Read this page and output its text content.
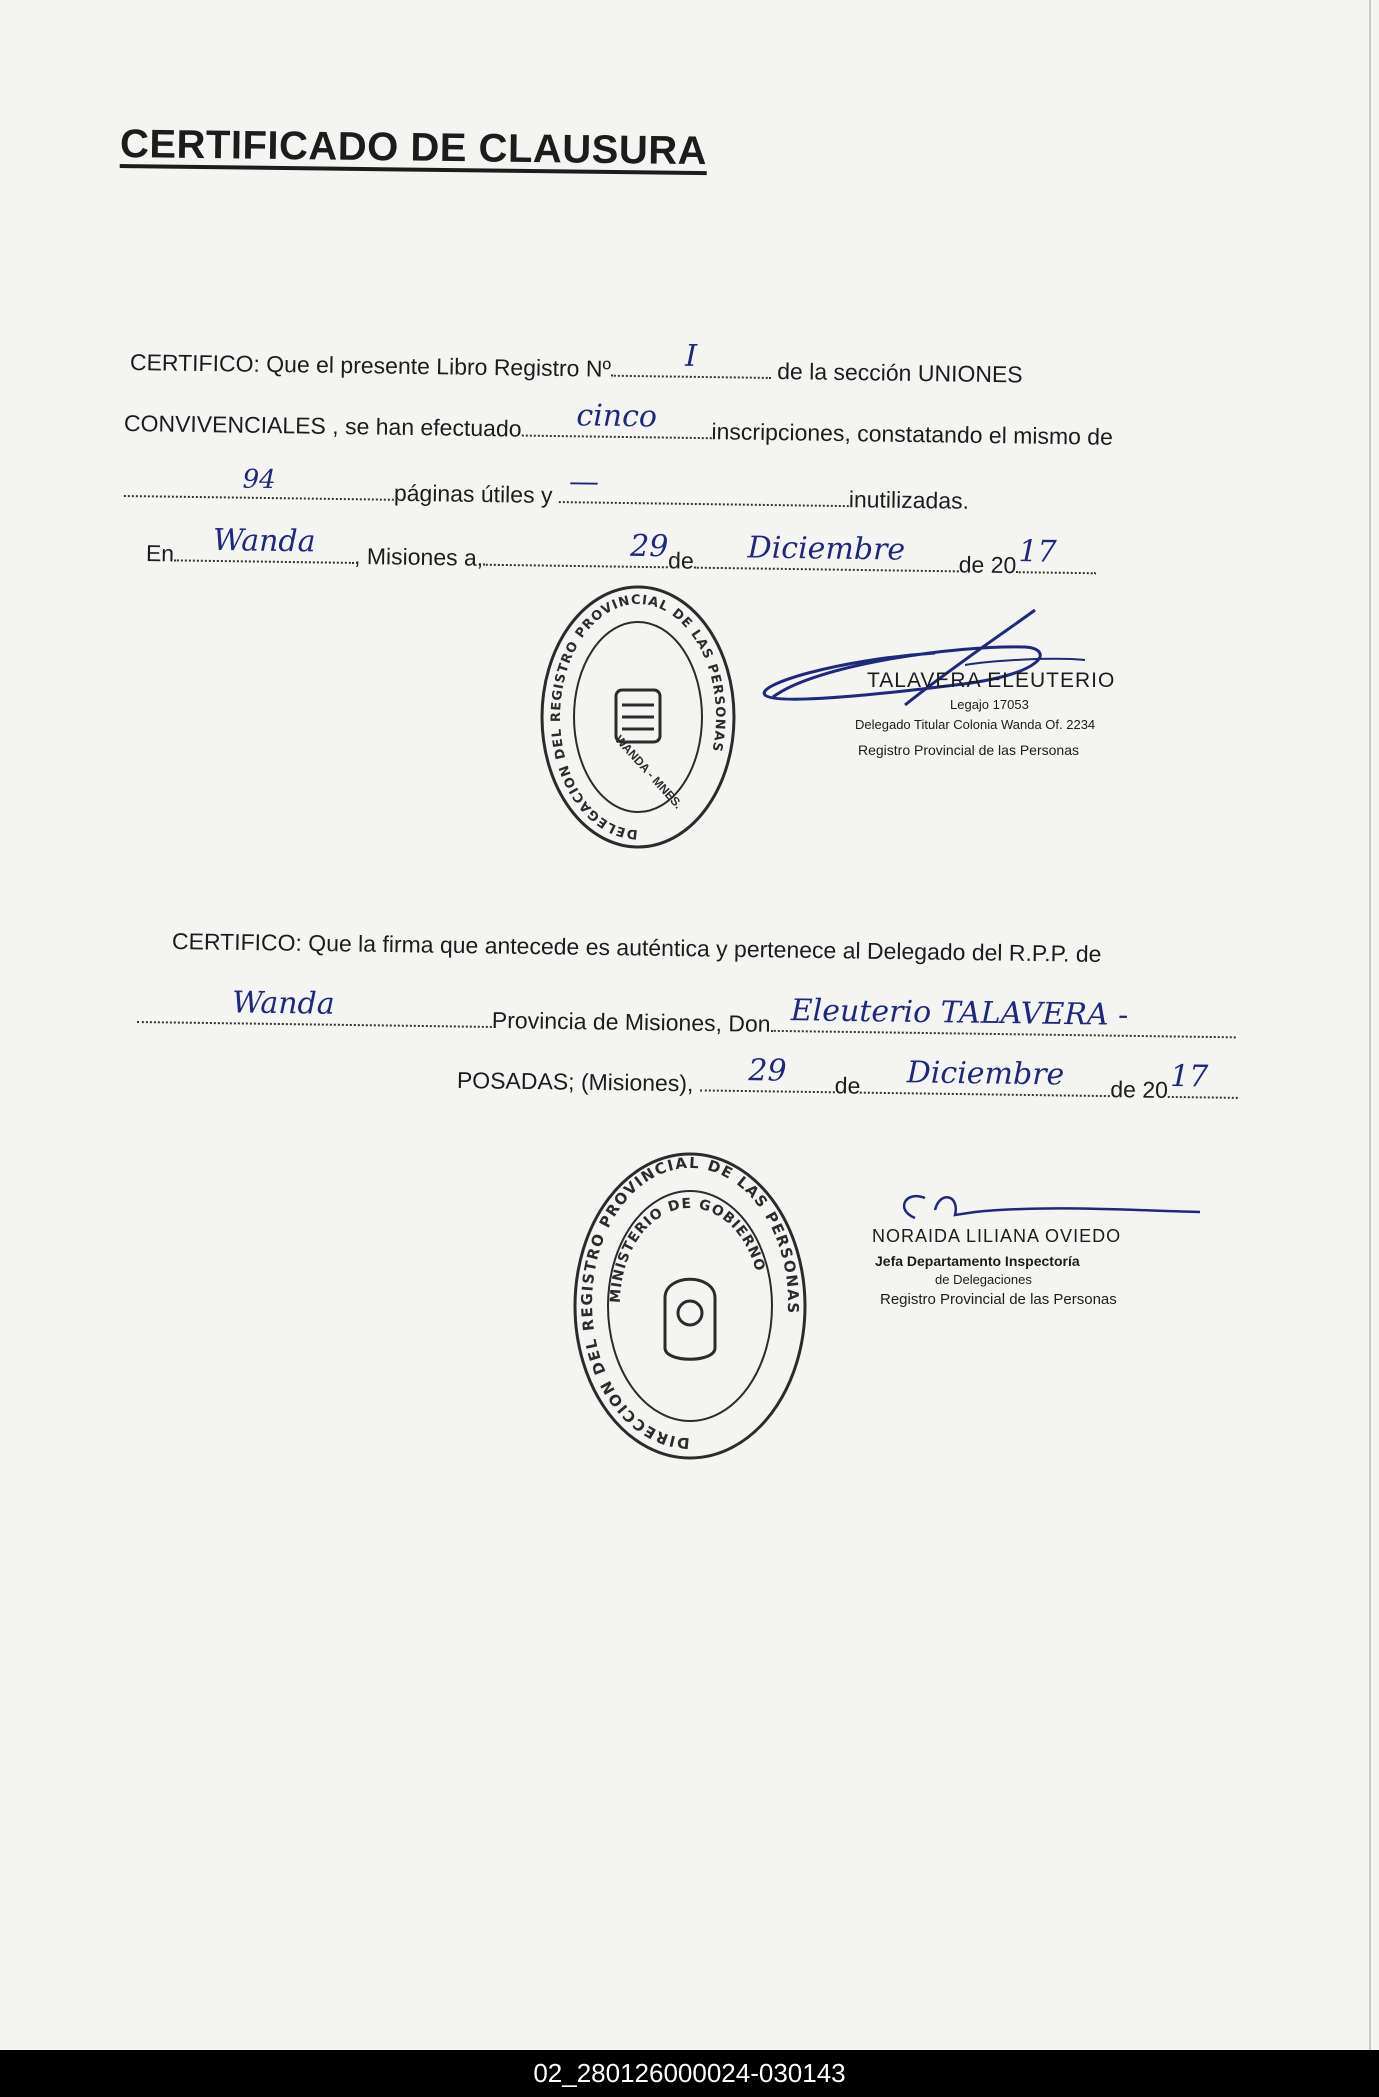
CERTIFICADO DE CLAUSURA
CERTIFICO: Que el presente Libro Registro Nº	I	de la sección UNIONES
CONVIVENCIALES , se han efectuado	cinco	inscripciones, constatando el mismo de
94	páginas útiles y —
inutilizadas.
En	Wanda	, Misiones a,	29 de	Diciembre	de 20 17
DELEGACION DEL REGISTRO PROVINCIAL DE LAS PERSONAS
WANDA - MNES.
TALAVERA ELEUTERIO
Legajo 17053
Delegado Titular Colonia Wanda Of. 2234
Registro Provincial de las Personas
CERTIFICO: Que la firma que antecede es auténtica y pertenece al Delegado del R.P.P. de
Wanda
Provincia de Misiones, Don Eleuterio TALAVERA -
POSADAS; (Misiones),	29	de	Diciembre	de 20 17
DIRECCION DEL REGISTRO PROVINCIAL DE LAS PERSONAS
MINISTERIO DE GOBIERNO
NORAIDA LILIANA OVIEDO
Jefa Departamento Inspectoría
de Delegaciones
Registro Provincial de las Personas
02_280126000024-030143
